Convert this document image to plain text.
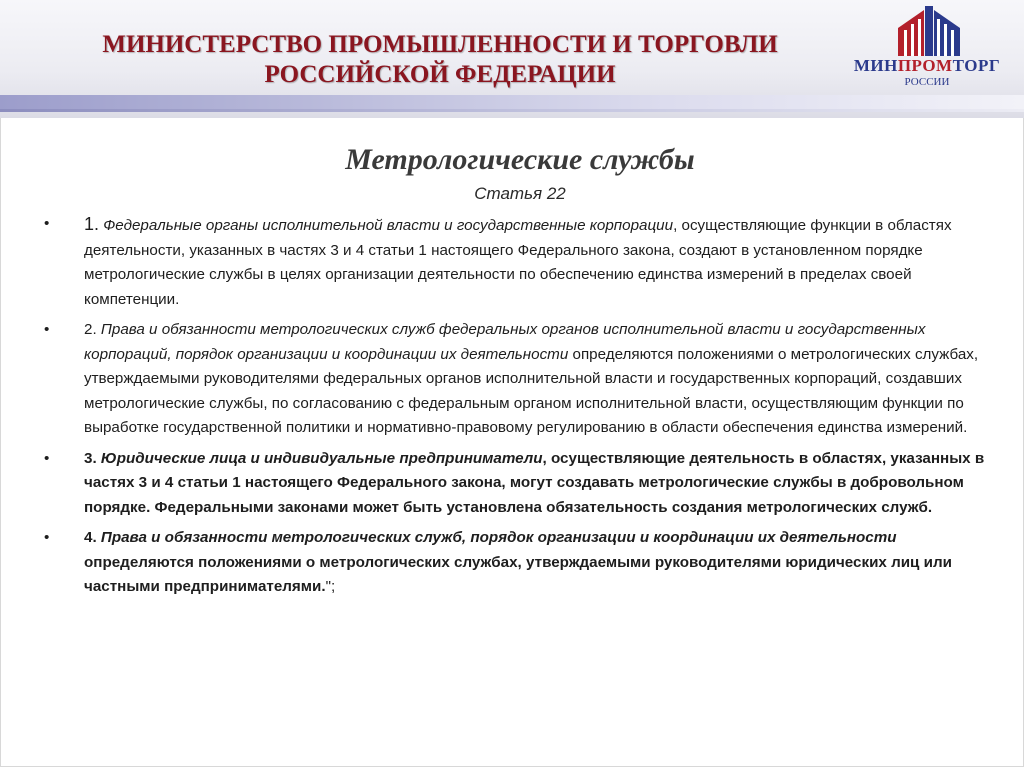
МИНИСТЕРСТВО ПРОМЫШЛЕННОСТИ И ТОРГОВЛИ
РОССИЙСКОЙ ФЕДЕРАЦИИ	МИНПРОМТОРГ
РОССИИ
Метрологические службы
Статья 22
• 1. Федеральные органы исполнительной власти и государственные корпорации, осуществляющие функции в областях деятельности, указанных в частях 3 и 4 статьи 1 настоящего Федерального закона, создают в установленном порядке метрологические службы в целях организации деятельности по обеспечению единства измерений в пределах своей компетенции.
• 2. Права и обязанности метрологических служб федеральных органов исполнительной власти и государственных корпораций, порядок организации и координации их деятельности определяются положениями о метрологических службах, утверждаемыми руководителями федеральных органов исполнительной власти и государственных корпораций, создавших метрологические службы, по согласованию с федеральным органом исполнительной власти, осуществляющим функции по выработке государственной политики и нормативно-правовому регулированию в области обеспечения единства измерений.
• 3. Юридические лица и индивидуальные предприниматели, осуществляющие деятельность в областях, указанных в частях 3 и 4 статьи 1 настоящего Федерального закона, могут создавать метрологические службы в добровольном порядке. Федеральными законами может быть установлена обязательность создания метрологических служб.
• 4. Права и обязанности метрологических служб, порядок организации и координации их деятельности определяются положениями о метрологических службах, утверждаемыми руководителями юридических лиц или частными предпринимателями.";
